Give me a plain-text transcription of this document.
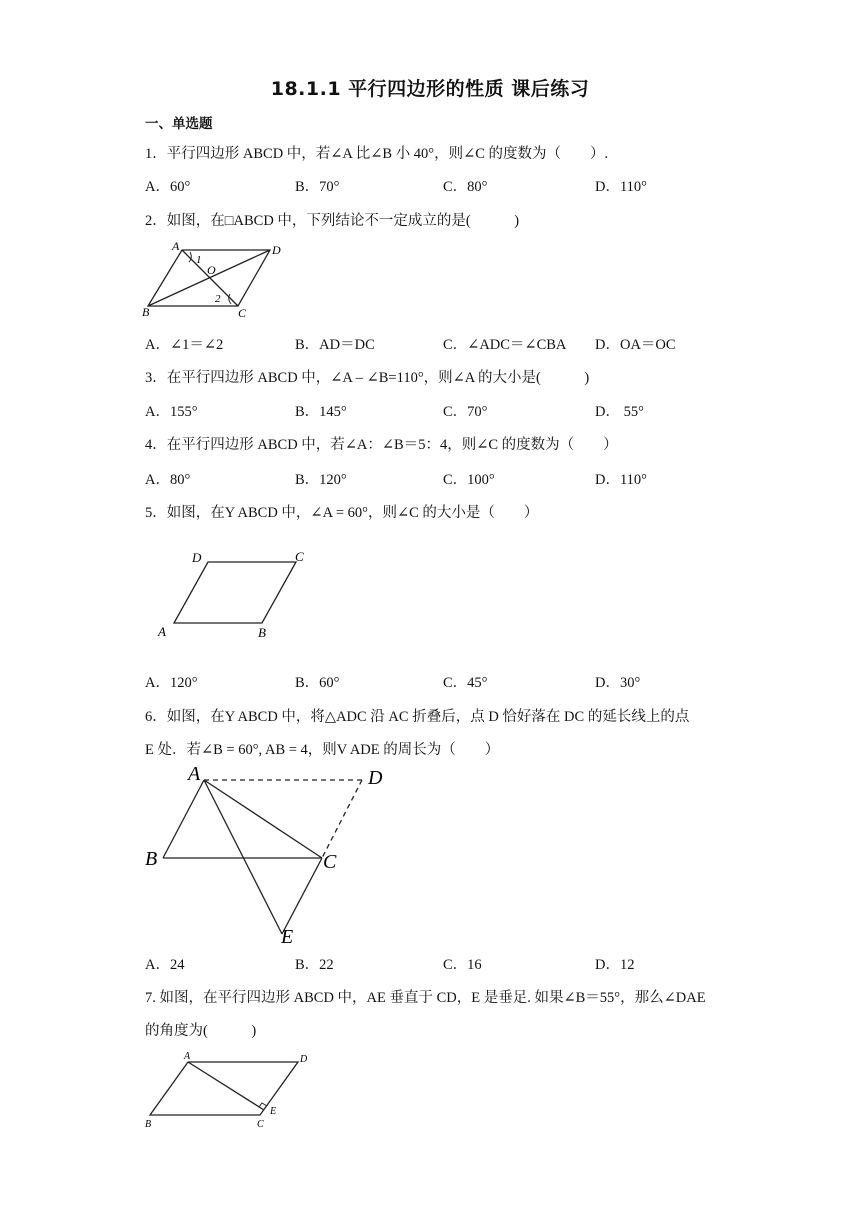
18.1.1 平行四边形的性质 课后练习
一、单选题
1．平行四边形 ABCD 中，若∠A 比∠B 小 40°，则∠C 的度数为（　　）.
A．60°	B．70°	C．80°	D．110°
2．如图，在□ABCD 中，下列结论不一定成立的是(　　　)
A	D
B	C
O
1
2
A．∠1＝∠2	B．AD＝DC	C．∠ADC＝∠CBA D．OA＝OC
3．在平行四边形 ABCD 中，∠A – ∠B=110°，则∠A 的大小是(　　　)
A．155°	B．145°	C．70°	D． 55°
4．在平行四边形 ABCD 中，若∠A：∠B＝5：4，则∠C 的度数为（　　）
A．80°	B．120°	C．100°	D．110°
5．如图，在Y ABCD 中，∠A = 60°，则∠C 的大小是（　　）
D	C
A	B
A．120°	B．60°	C．45°	D．30°
6．如图，在Y ABCD 中，将△ADC 沿 AC 折叠后，点 D 恰好落在 DC 的延长线上的点
E 处．若∠B = 60°, AB = 4，则V ADE 的周长为（　　）
A	D
B	C
E
A．24	B．22	C．16	D．12
7. 如图，在平行四边形 ABCD 中，AE 垂直于 CD，E 是垂足. 如果∠B＝55°，那么∠DAE
的角度为(　　　)
A	D
B	C
E
